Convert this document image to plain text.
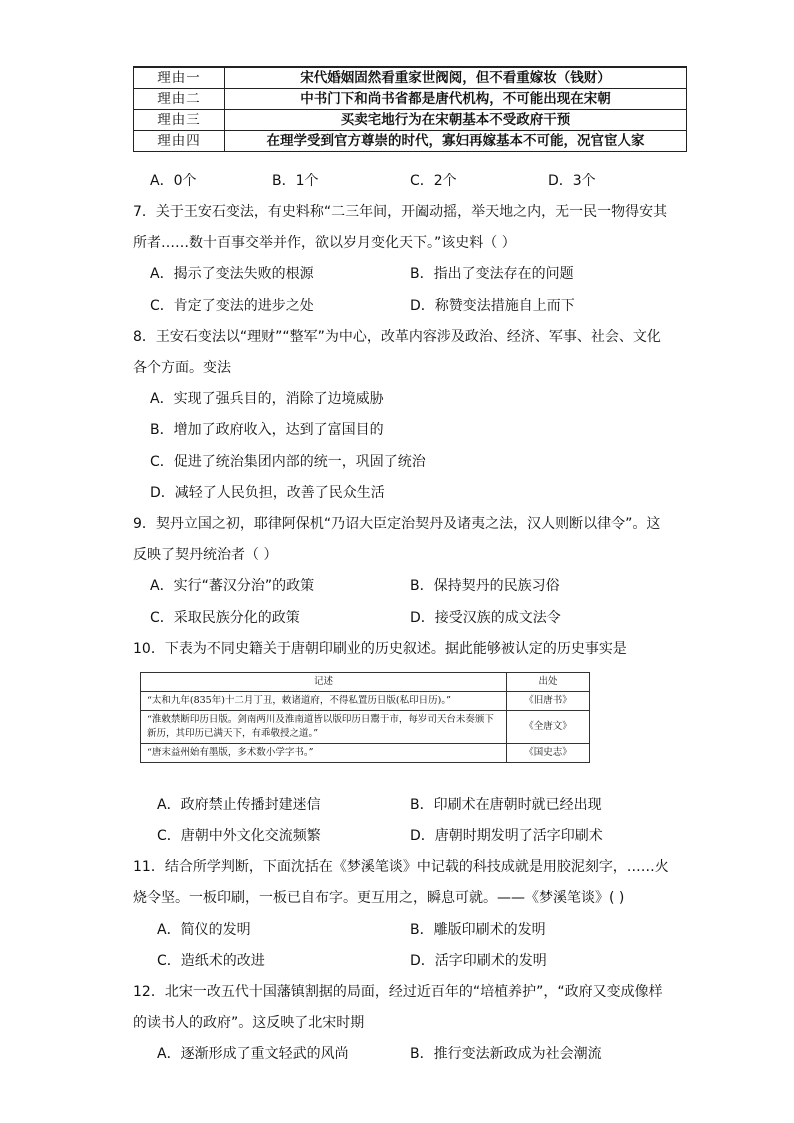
理由一	宋代婚姻固然看重家世阀阅，但不看重嫁妆（钱财）
理由二	中书门下和尚书省都是唐代机构，不可能出现在宋朝
理由三	买卖宅地行为在宋朝基本不受政府干预
理由四	在理学受到官方尊崇的时代，寡妇再嫁基本不可能，况官宦人家
A．0个	B．1个	C．2个	D．3个
7．关于王安石变法，有史料称“二三年间，开阖动摇，举天地之内，无一民一物得安其
所者……数十百事交举并作，欲以岁月变化天下。”该史料（ ）
A．揭示了变法失败的根源	B．指出了变法存在的问题
C．肯定了变法的进步之处	D．称赞变法措施自上而下
8．王安石变法以“理财”“整军”为中心，改革内容涉及政治、经济、军事、社会、文化
各个方面。变法
A．实现了强兵目的，消除了边境威胁
B．增加了政府收入，达到了富国目的
C．促进了统治集团内部的统一，巩固了统治
D．减轻了人民负担，改善了民众生活
9．契丹立国之初，耶律阿保机“乃诏大臣定治契丹及诸夷之法，汉人则断以律令”。这
反映了契丹统治者（ ）
A．实行“蕃汉分治”的政策	B．保持契丹的民族习俗
C．采取民族分化的政策	D．接受汉族的成文法令
10．下表为不同史籍关于唐朝印刷业的历史叙述。据此能够被认定的历史事实是
记述	出处
“太和九年(835年)十二月丁丑，敕诸道府，不得私置历日版(私印日历)。”	《旧唐书》
“淮敕禁断印历日版。剑南两川及淮南道皆以版印历日鬻于市，每岁司天台未奏颁下新历，其印历已满天下，有乖敬授之道。”	《全唐文》
“唐末益州始有墨版，多术数小学字书。”	《国史志》
A．政府禁止传播封建迷信	B．印刷术在唐朝时就已经出现
C．唐朝中外文化交流频繁	D．唐朝时期发明了活字印刷术
11．结合所学判断，下面沈括在《梦溪笔谈》中记载的科技成就是用胶泥刻字，……火
烧令坚。一板印刷，一板已自布字。更互用之，瞬息可就。——《梦溪笔谈》( )
A．简仪的发明	B．雕版印刷术的发明
C．造纸术的改进	D．活字印刷术的发明
12．北宋一改五代十国藩镇割据的局面，经过近百年的“培植养护”，“政府又变成像样
的读书人的政府”。这反映了北宋时期
A．逐渐形成了重文轻武的风尚	B．推行变法新政成为社会潮流
